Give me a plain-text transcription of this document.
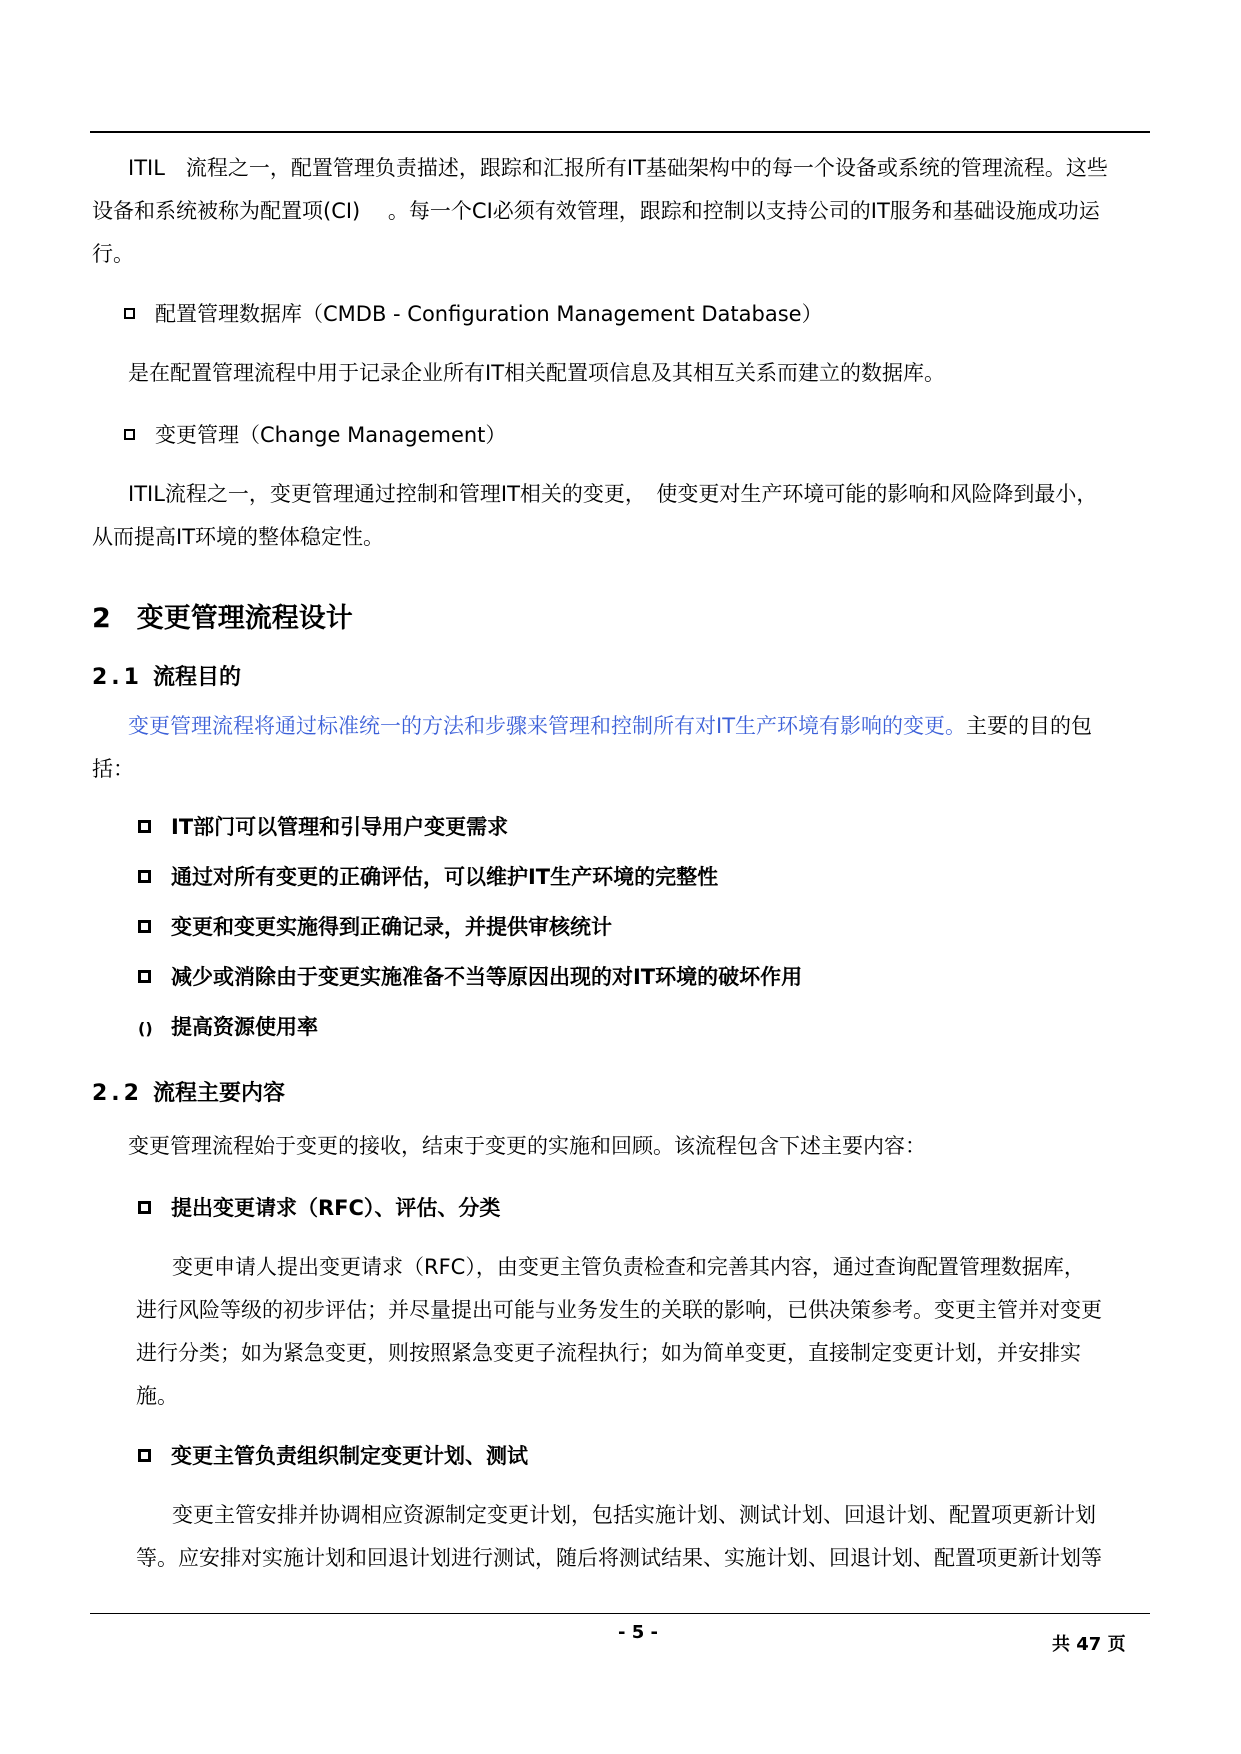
ITIL　流程之一，配置管理负责描述，跟踪和汇报所有IT基础架构中的每一个设备或系统的管理流程。这些
设备和系统被称为配置项(CI)　 。每一个CI必须有效管理，跟踪和控制以支持公司的IT服务和基础设施成功运
行。
配置管理数据库（CMDB - Configuration Management Database）
是在配置管理流程中用于记录企业所有IT相关配置项信息及其相互关系而建立的数据库。
变更管理（Change Management）
ITIL流程之一，变更管理通过控制和管理IT相关的变更，　使变更对生产环境可能的影响和风险降到最小，
从而提高IT环境的整体稳定性。
2 变更管理流程设计
2.1 流程目的
变更管理流程将通过标准统一的方法和步骤来管理和控制所有对IT生产环境有影响的变更。主要的目的包
括：
IT部门可以管理和引导用户变更需求
通过对所有变更的正确评估，可以维护IT生产环境的完整性
变更和变更实施得到正确记录，并提供审核统计
减少或消除由于变更实施准备不当等原因出现的对IT环境的破坏作用
() 提高资源使用率
2.2 流程主要内容
变更管理流程始于变更的接收，结束于变更的实施和回顾。该流程包含下述主要内容：
提出变更请求（RFC）、评估、分类
变更申请人提出变更请求（RFC），由变更主管负责检查和完善其内容，通过查询配置管理数据库，
进行风险等级的初步评估；并尽量提出可能与业务发生的关联的影响，已供决策参考。变更主管并对变更
进行分类；如为紧急变更，则按照紧急变更子流程执行；如为简单变更，直接制定变更计划，并安排实
施。
变更主管负责组织制定变更计划、测试
变更主管安排并协调相应资源制定变更计划，包括实施计划、测试计划、回退计划、配置项更新计划
等。应安排对实施计划和回退计划进行测试，随后将测试结果、实施计划、回退计划、配置项更新计划等
- 5 -
共 47 页
